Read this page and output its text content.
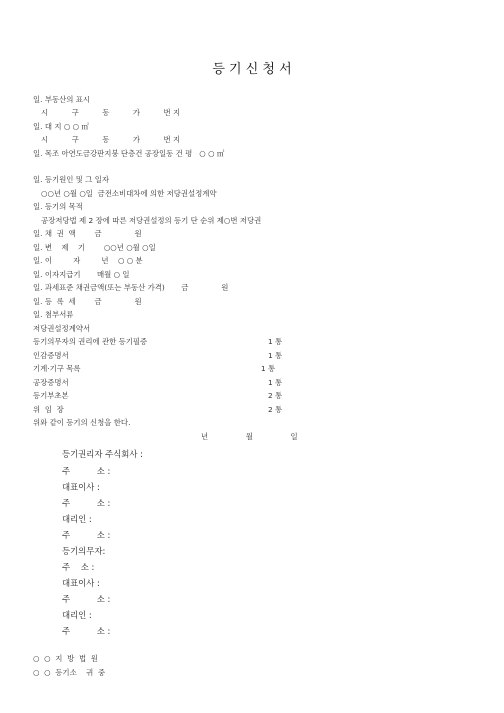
등 기 신 청 서
일. 부동산의 표시
시          구          동          가          번 지
일. 대 지 ○ ○ ㎡
시          구          동          가          번 지
일. 목조 아연도금강판지붕 단층건 공장일동 건 평   ○ ○ ㎡
일. 등기원인 및 그 일자
○○년 ○월 ○일  금전소비대차에 의한 저당권설정계약
일. 등기의 목적
공장저당법 제 2 장에 따른 저당권설정의 등기 단 순위 제○번 저당권
일. 채  권  액        금              원
일. 변    제    기        ○○년 ○월 ○일
일. 이         자         년    ○ ○ 분
일. 이자지급기       매월 ○ 일
일. 과세표준 채권금액(또는 부동산 가격)       금              원
일. 등  록  세        금              원
일. 첨부서류
저당권설정계약서
등기의무자의 권리에 관한 등기필증	1 통
인감증명서	1 통
기계·기구 목록	1 통
공장증명서	1 통
등기부초본	2 통
위  임  장	2 통
위와 같이 등기의 신청을 한다.
년                월                일
등기권리자 주식회사 :
주          소 :
대표이사 :
주          소 :
대리인 :
주          소 :
등기의무자:
주    소 :
대표이사 :
주          소 :
대리인 :
주          소 :
○  ○  지  방  법  원
○  ○  등기소    귀  중
